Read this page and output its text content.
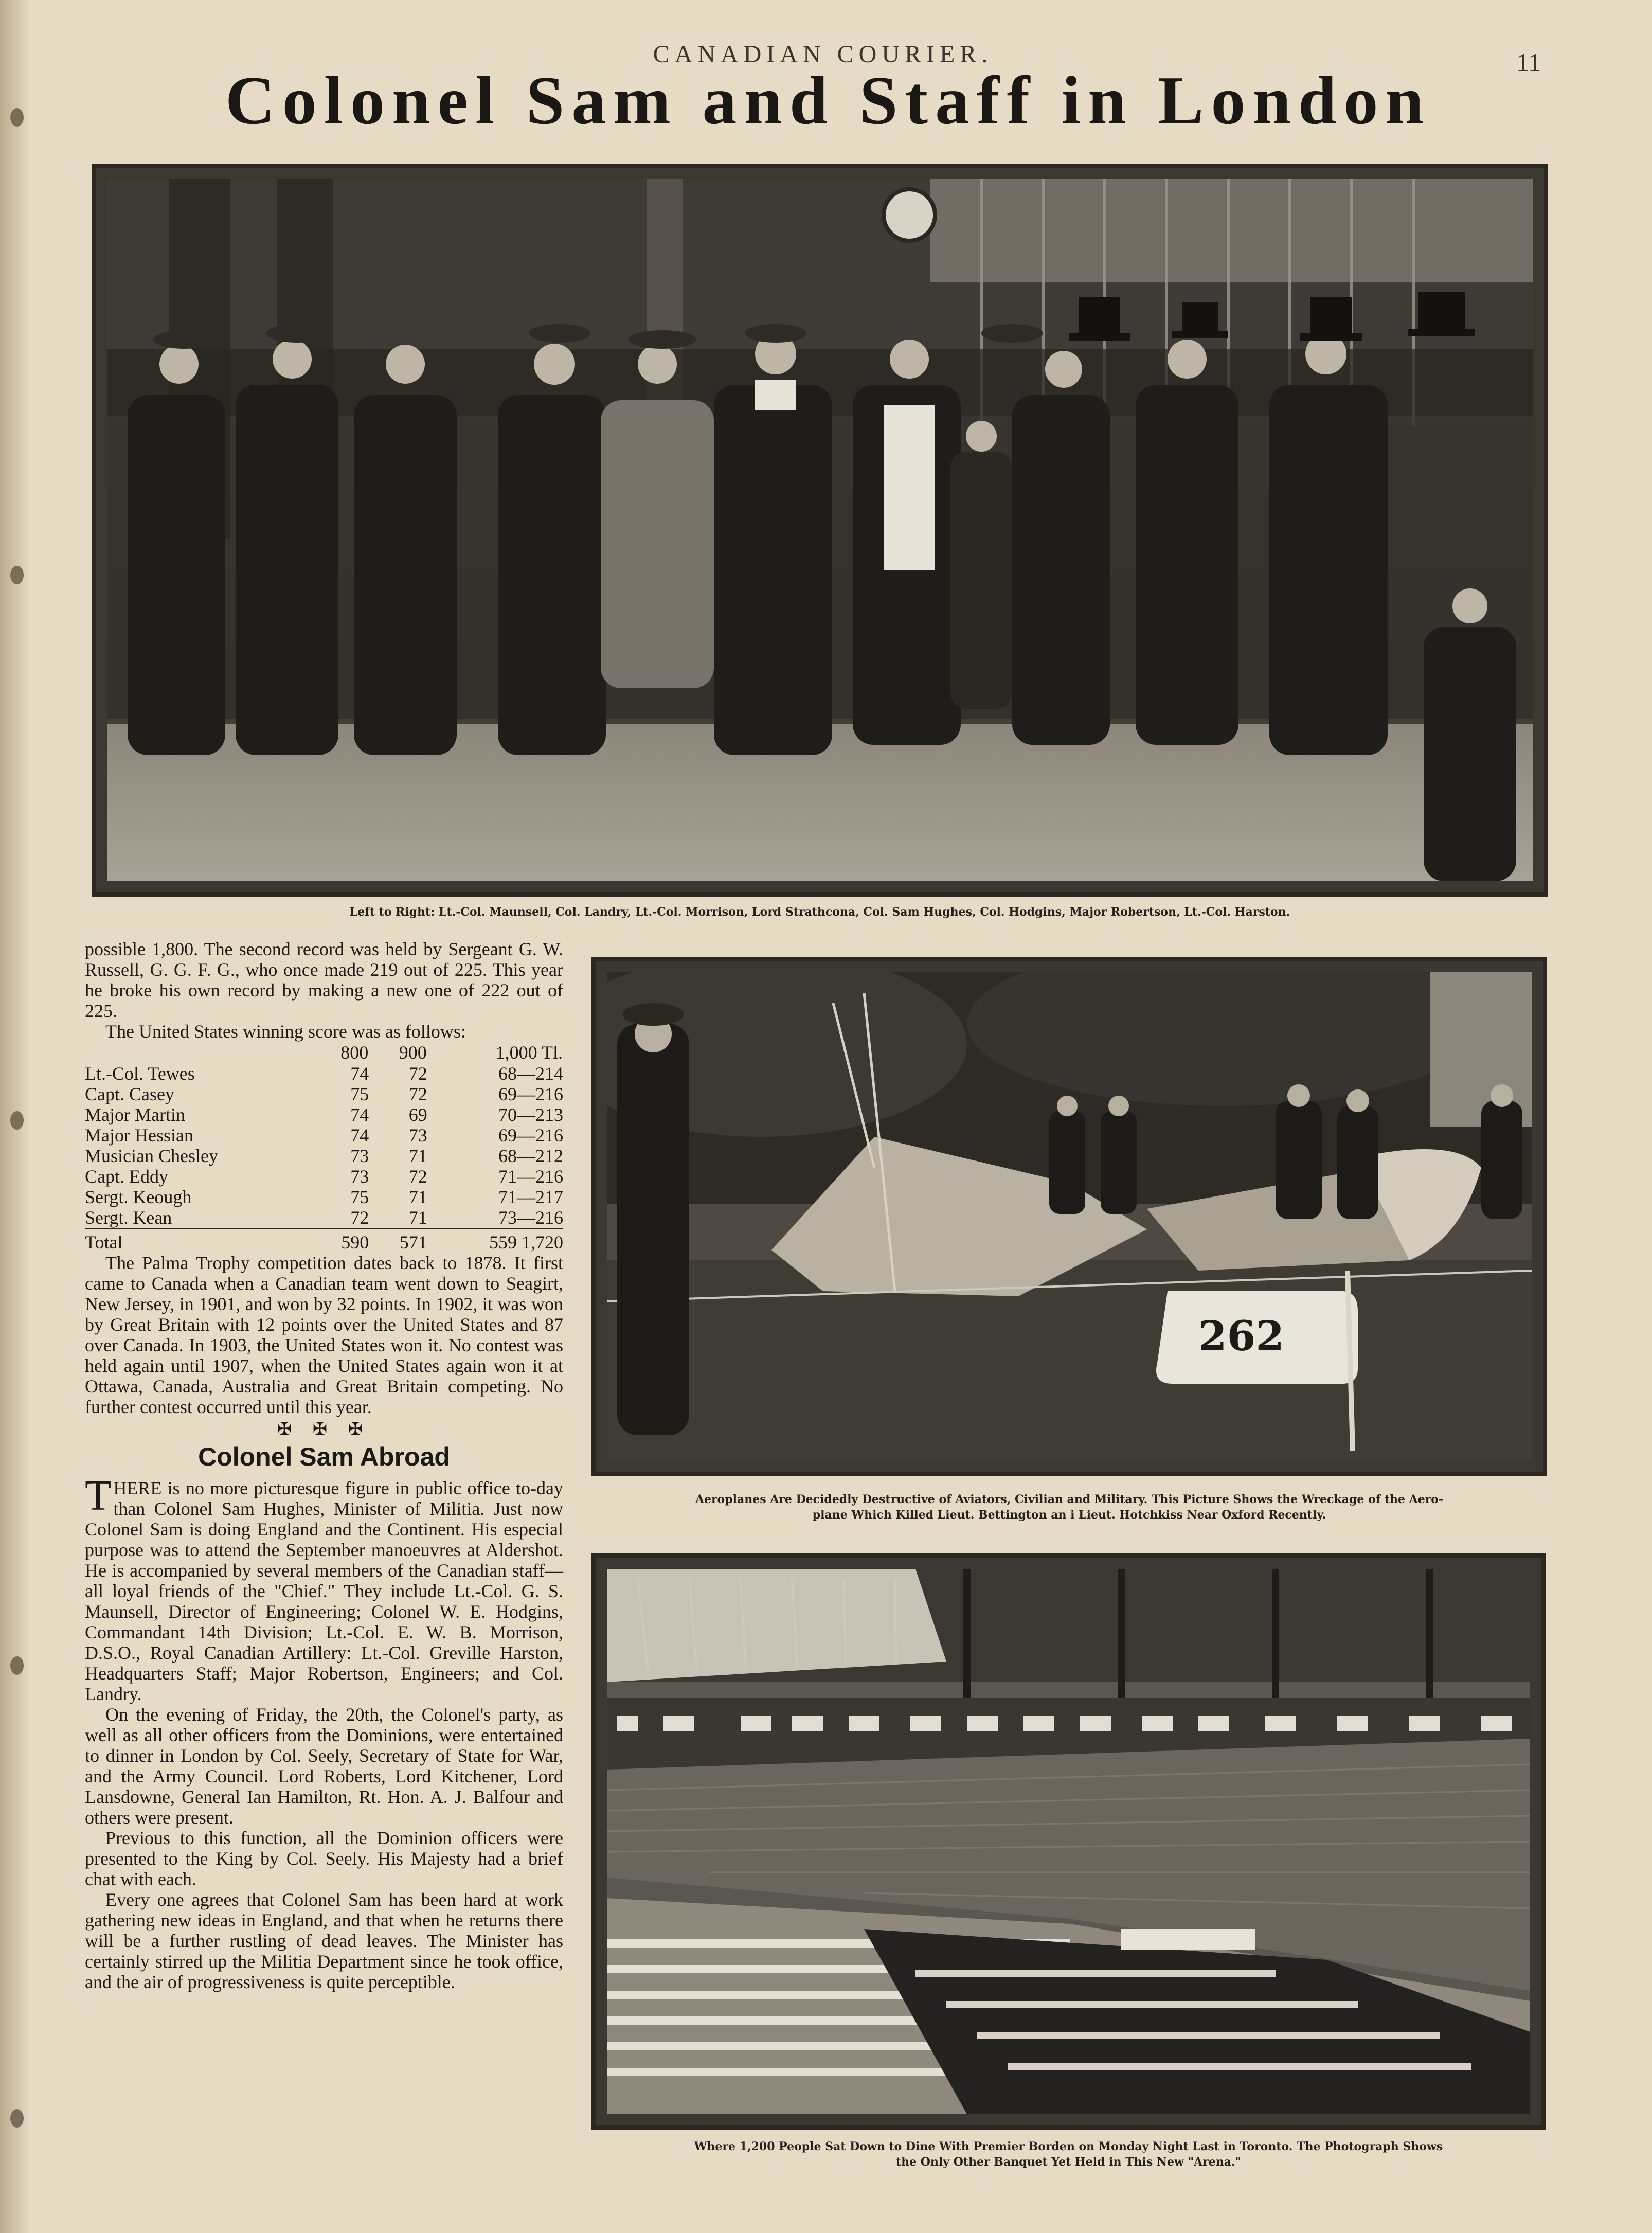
CANADIAN COURIER.	11
Colonel Sam and Staff in London
Left to Right: Lt.-Col. Maunsell, Col. Landry, Lt.-Col. Morrison, Lord Strathcona, Col. Sam Hughes, Col. Hodgins, Major Robertson, Lt.-Col. Harston.
262
Aeroplanes Are Decidedly Destructive of Aviators, Civilian and Military. This Picture Shows the Wreckage of the Aero-
plane Which Killed Lieut. Bettington an i Lieut. Hotchkiss Near Oxford Recently.
Where 1,200 People Sat Down to Dine With Premier Borden on Monday Night Last in Toronto. The Photograph Shows
the Only Other Banquet Yet Held in This New "Arena."

possible 1,800. The second record was held by Sergeant G. W. Russell, G. G. F. G., who once made 219 out of 225. This year he broke his own record by making a new one of 222 out of 225.

The United States winning score was as follows:

	800	900	1,000 Tl.
Lt.-Col. Tewes	74	72	68—214
Capt. Casey	75	72	69—216
Major Martin	74	69	70—213
Major Hessian	74	73	69—216
Musician Chesley	73	71	68—212
Capt. Eddy	73	72	71—216
Sergt. Keough	75	71	71—217
Sergt. Kean	72	71	73—216
Total	590	571	559 1,720

The Palma Trophy competition dates back to 1878. It first came to Canada when a Canadian team went down to Seagirt, New Jersey, in 1901, and won by 32 points. In 1902, it was won by Great Britain with 12 points over the United States and 87 over Canada. In 1903, the United States won it. No contest was held again until 1907, when the United States again won it at Ottawa, Canada, Australia and Great Britain competing. No further contest occurred until this year.

✠ ✠ ✠
Colonel Sam Abroad

THERE is no more picturesque figure in public office to-day than Colonel Sam Hughes, Minister of Militia. Just now Colonel Sam is doing England and the Continent. His especial purpose was to attend the September manoeuvres at Aldershot. He is accompanied by several members of the Canadian staff—all loyal friends of the "Chief." They include Lt.-Col. G. S. Maunsell, Director of Engineering; Colonel W. E. Hodgins, Commandant 14th Division; Lt.-Col. E. W. B. Morrison, D.S.O., Royal Canadian Artillery: Lt.-Col. Greville Harston, Headquarters Staff; Major Robertson, Engineers; and Col. Landry.

On the evening of Friday, the 20th, the Colonel's party, as well as all other officers from the Dominions, were entertained to dinner in London by Col. Seely, Secretary of State for War, and the Army Council. Lord Roberts, Lord Kitchener, Lord Lansdowne, General Ian Hamilton, Rt. Hon. A. J. Balfour and others were present.

Previous to this function, all the Dominion officers were presented to the King by Col. Seely. His Majesty had a brief chat with each.

Every one agrees that Colonel Sam has been hard at work gathering new ideas in England, and that when he returns there will be a further rustling of dead leaves. The Minister has certainly stirred up the Militia Department since he took office, and the air of progressiveness is quite perceptible.
